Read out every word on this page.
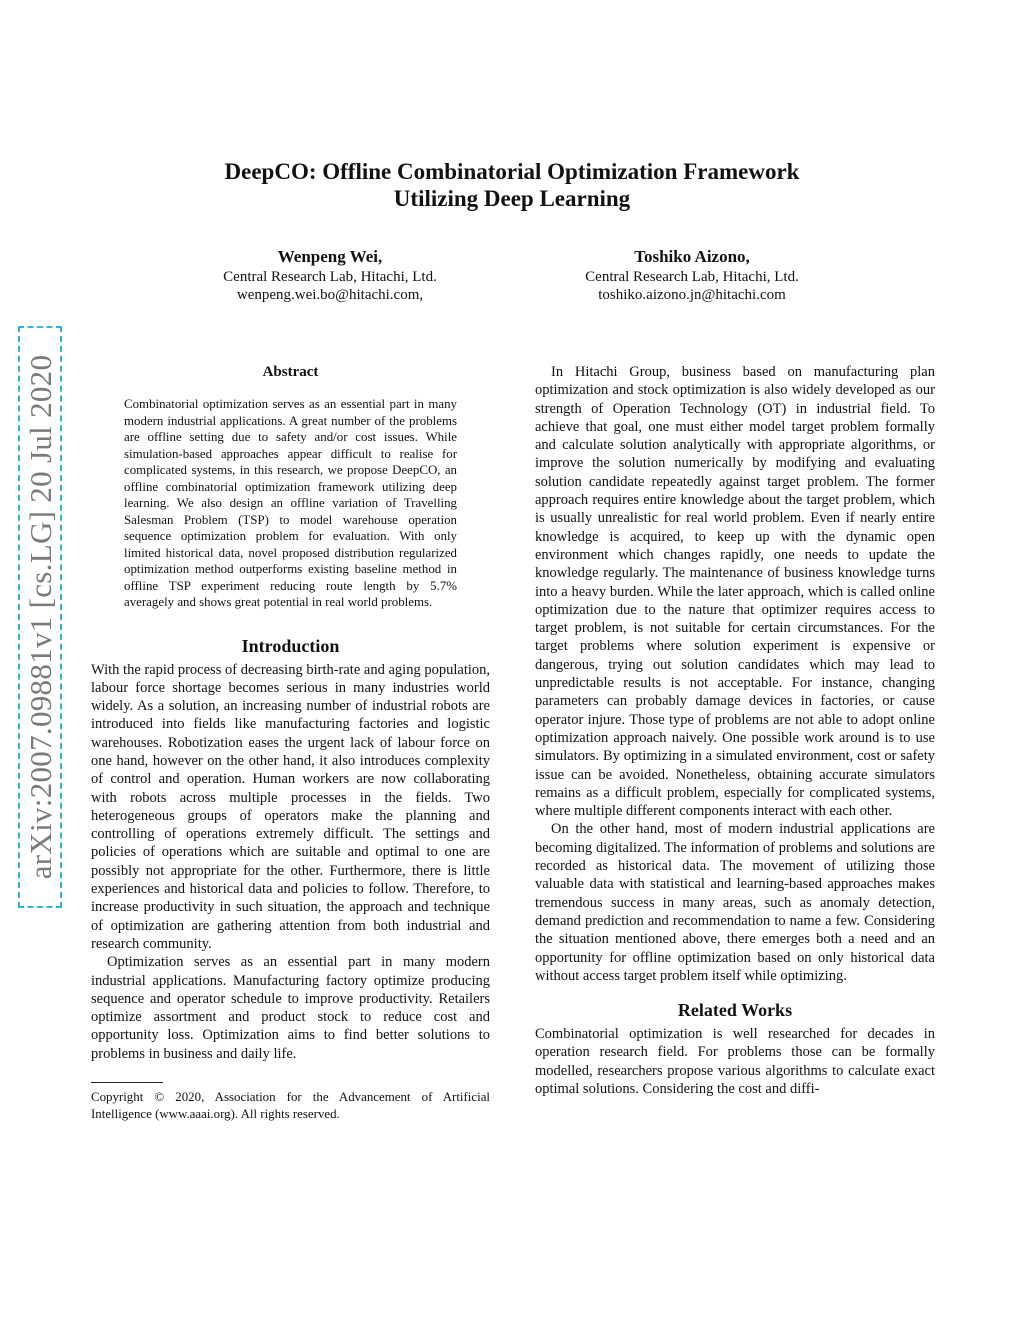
DeepCO: Offline Combinatorial Optimization Framework
Utilizing Deep Learning
Wenpeng Wei,
Central Research Lab, Hitachi, Ltd.
wenpeng.wei.bo@hitachi.com,
Toshiko Aizono,
Central Research Lab, Hitachi, Ltd.
toshiko.aizono.jn@hitachi.com
arXiv:2007.09881v1 [cs.LG] 20 Jul 2020	Abstract
Combinatorial optimization serves as an essential part in many modern industrial applications. A great number of the problems are offline setting due to safety and/or cost issues. While simulation-based approaches appear difficult to realise for complicated systems, in this research, we propose DeepCO, an offline combinatorial optimization framework utilizing deep learning. We also design an offline variation of Travelling Salesman Problem (TSP) to model warehouse operation sequence optimization problem for evaluation. With only limited historical data, novel proposed distribution regularized optimization method outperforms existing baseline method in offline TSP experiment reducing route length by 5.7% averagely and shows great potential in real world problems.
Introduction

With the rapid process of decreasing birth-rate and aging population, labour force shortage becomes serious in many industries world widely. As a solution, an increasing number of industrial robots are introduced into fields like manufacturing factories and logistic warehouses. Robotization eases the urgent lack of labour force on one hand, however on the other hand, it also introduces complexity of control and operation. Human workers are now collaborating with robots across multiple processes in the fields. Two heterogeneous groups of operators make the planning and controlling of operations extremely difficult. The settings and policies of operations which are suitable and optimal to one are possibly not appropriate for the other. Furthermore, there is little experiences and historical data and policies to follow. Therefore, to increase productivity in such situation, the approach and technique of optimization are gathering attention from both industrial and research community.

Optimization serves as an essential part in many modern industrial applications. Manufacturing factory optimize producing sequence and operator schedule to improve productivity. Retailers optimize assortment and product stock to reduce cost and opportunity loss. Optimization aims to find better solutions to problems in business and daily life.

Copyright © 2020, Association for the Advancement of Artificial Intelligence (www.aaai.org). All rights reserved.

In Hitachi Group, business based on manufacturing plan optimization and stock optimization is also widely developed as our strength of Operation Technology (OT) in industrial field. To achieve that goal, one must either model target problem formally and calculate solution analytically with appropriate algorithms, or improve the solution numerically by modifying and evaluating solution candidate repeatedly against target problem. The former approach requires entire knowledge about the target problem, which is usually unrealistic for real world problem. Even if nearly entire knowledge is acquired, to keep up with the dynamic open environment which changes rapidly, one needs to update the knowledge regularly. The maintenance of business knowledge turns into a heavy burden. While the later approach, which is called online optimization due to the nature that optimizer requires access to target problem, is not suitable for certain circumstances. For the target problems where solution experiment is expensive or dangerous, trying out solution candidates which may lead to unpredictable results is not acceptable. For instance, changing parameters can probably damage devices in factories, or cause operator injure. Those type of problems are not able to adopt online optimization approach naively. One possible work around is to use simulators. By optimizing in a simulated environment, cost or safety issue can be avoided. Nonetheless, obtaining accurate simulators remains as a difficult problem, especially for complicated systems, where multiple different components interact with each other.

On the other hand, most of modern industrial applications are becoming digitalized. The information of problems and solutions are recorded as historical data. The movement of utilizing those valuable data with statistical and learning-based approaches makes tremendous success in many areas, such as anomaly detection, demand prediction and recommendation to name a few. Considering the situation mentioned above, there emerges both a need and an opportunity for offline optimization based on only historical data without access target problem itself while optimizing.

Related Works

Combinatorial optimization is well researched for decades in operation research field. For problems those can be formally modelled, researchers propose various algorithms to calculate exact optimal solutions. Considering the cost and diffi-
